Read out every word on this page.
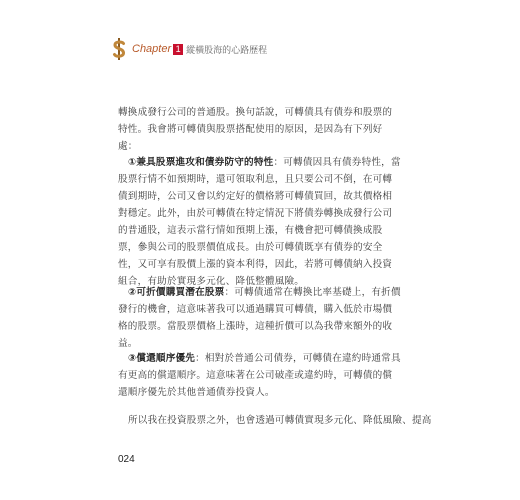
Chapter 1 縱橫股海的心路歷程

轉換成發行公司的普通股。換句話說，可轉債具有債券和股票的特性。我會將可轉債與股票搭配使用的原因，是因為有下列好處：

①兼具股票進攻和債券防守的特性：可轉債因具有債券特性，當股票行情不如預期時，還可領取利息，且只要公司不倒，在可轉債到期時，公司又會以約定好的價格將可轉債買回，故其價格相對穩定。此外，由於可轉債在特定情況下將債券轉換成發行公司的普通股，這表示當行情如預期上漲，有機會把可轉債換成股票，參與公司的股票價值成長。由於可轉債既享有債券的安全性，又可享有股價上漲的資本利得，因此，若將可轉債納入投資組合，有助於實現多元化、降低整體風險。

②可折價購買潛在股票：可轉債通常在轉換比率基礎上，有折價發行的機會，這意味著我可以通過購買可轉債，購入低於市場價格的股票。當股票價格上漲時，這種折價可以為我帶來額外的收益。

③償還順序優先：相對於普通公司債券，可轉債在違約時通常具有更高的償還順序。這意味著在公司破產或違約時，可轉債的償還順序優先於其他普通債券投資人。

所以我在投資股票之外，也會透過可轉債實現多元化、降低風險、提高

024
